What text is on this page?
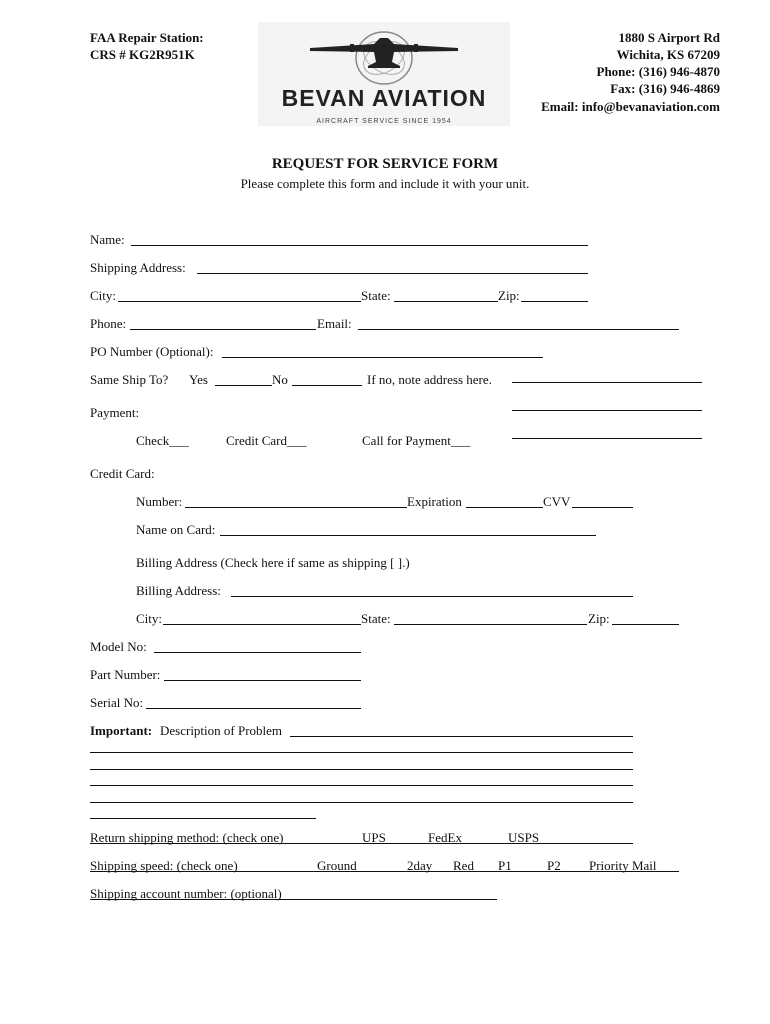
FAA Repair Station:
CRS # KG2R951K
BEVAN AVIATION
AIRCRAFT SERVICE SINCE 1954
1880 S Airport Rd
Wichita, KS 67209
Phone: (316) 946-4870
Fax: (316) 946-4869
Email: info@bevanaviation.com
REQUEST FOR SERVICE FORM
Please complete this form and include it with your unit.
Name:
Shipping Address:
City:	State:	Zip:
Phone:	Email:
PO Number (Optional):
Same Ship To? Yes	No	If no, note address here.
Payment:
Check___	Credit Card___	Call for Payment___
Credit Card:
Number:	Expiration	CVV
Name on Card:
Billing Address (Check here if same as shipping [ ].)
Billing Address:
City:	State:	Zip:
Model No:
Part Number:
Serial No:
Important: Description of Problem
Return shipping method: (check one)	UPS	FedEx	USPS
Shipping speed: (check one)	Ground	2day Red P1	P2 Priority Mail__
Shipping account number: (optional)
